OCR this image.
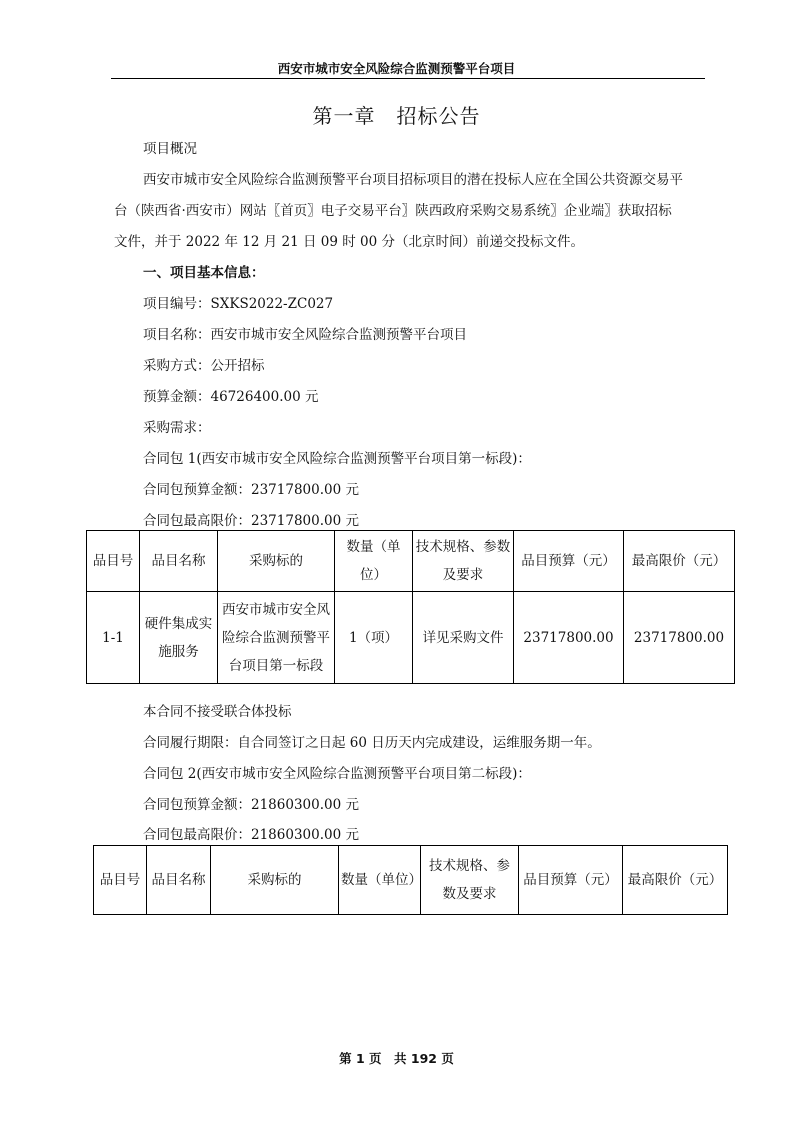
西安市城市安全风险综合监测预警平台项目
第一章　招标公告
项目概况
西安市城市安全风险综合监测预警平台项目招标项目的潜在投标人应在全国公共资源交易平
台（陕西省·西安市）网站〖首页〗电子交易平台〗陕西政府采购交易系统〗企业端〗获取招标
文件，并于 2022 年 12 月 21 日 09 时 00 分（北京时间）前递交投标文件。
一、项目基本信息：
项目编号：SXKS2022-ZC027
项目名称：西安市城市安全风险综合监测预警平台项目
采购方式：公开招标
预算金额：46726400.00 元
采购需求：
合同包 1(西安市城市安全风险综合监测预警平台项目第一标段)：
合同包预算金额：23717800.00 元
合同包最高限价：23717800.00 元
品目号	品目名称	采购标的	数量（单位）	技术规格、参数及要求	品目预算（元）	最高限价（元）
1-1	硬件集成实施服务	西安市城市安全风险综合监测预警平台项目第一标段	1（项）	详见采购文件	23717800.00	23717800.00
本合同不接受联合体投标
合同履行期限：自合同签订之日起 60 日历天内完成建设，运维服务期一年。
合同包 2(西安市城市安全风险综合监测预警平台项目第二标段)：
合同包预算金额：21860300.00 元
合同包最高限价：21860300.00 元
品目号	品目名称	采购标的	数量（单位）	技术规格、参数及要求	品目预算（元）	最高限价（元）
第 1 页　共 192 页
